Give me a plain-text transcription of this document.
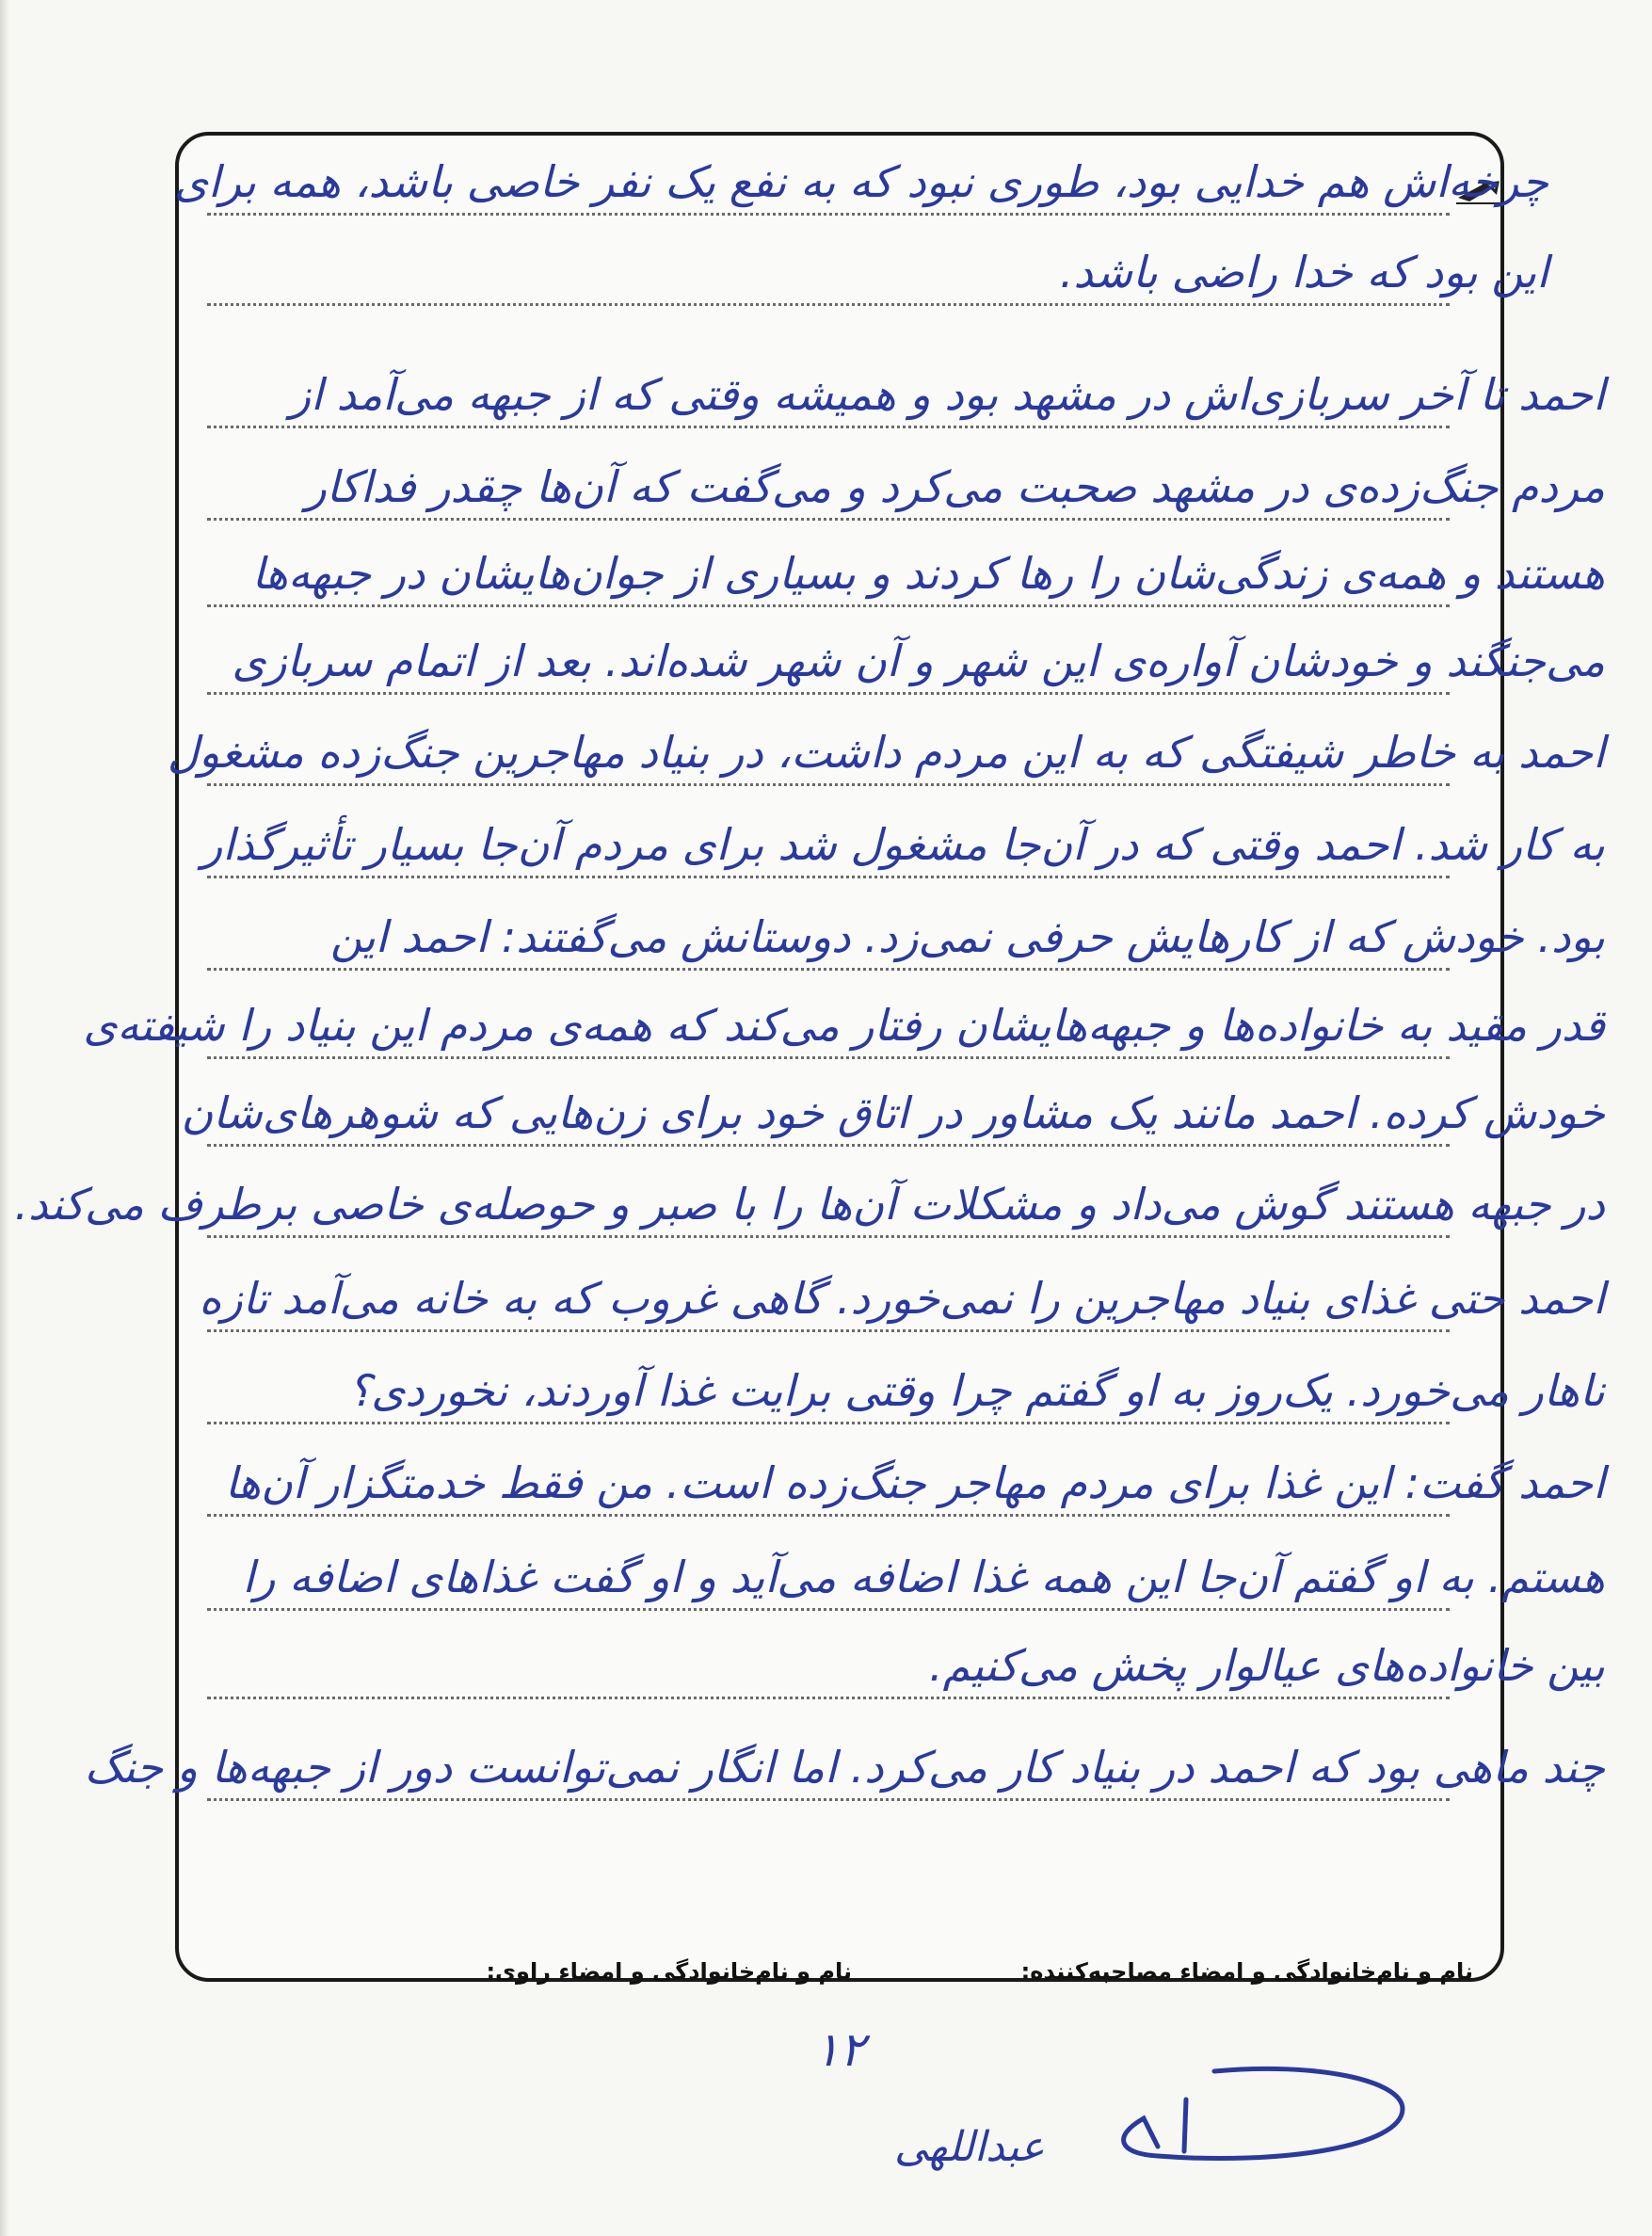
چرخه‌اش هم خدایی بود، طوری نبود که به نفع یک نفر خاصی باشد، همه برای
این بود که خدا راضی باشد.
احمد تا آخر سربازی‌اش در مشهد بود و همیشه وقتی که از جبهه می‌آمد از
مردم جنگ‌زده‌ی در مشهد صحبت می‌کرد و می‌گفت که آن‌ها چقدر فداکار
هستند و همه‌ی زندگی‌شان را رها کردند و بسیاری از جوان‌هایشان در جبهه‌ها
می‌جنگند و خودشان آواره‌ی این شهر و آن شهر شده‌اند. بعد از اتمام سربازی
احمد به خاطر شیفتگی که به این مردم داشت، در بنیاد مهاجرین جنگ‌زده مشغول
به کار شد. احمد وقتی که در آن‌جا مشغول شد برای مردم آن‌جا بسیار تأثیرگذار
بود. خودش که از کارهایش حرفی نمی‌زد. دوستانش می‌گفتند: احمد این
قدر مقید به خانواده‌ها و جبهه‌هایشان رفتار می‌کند که همه‌ی مردم این بنیاد را شیفته‌ی
خودش کرده. احمد مانند یک مشاور در اتاق خود برای زن‌هایی که شوهرهای‌شان
در جبهه هستند گوش می‌داد و مشکلات آن‌ها را با صبر و حوصله‌ی خاصی برطرف می‌کند.
احمد حتی غذای بنیاد مهاجرین را نمی‌خورد. گاهی غروب که به خانه می‌آمد تازه
ناهار می‌خورد. یک‌روز به او گفتم چرا وقتی برایت غذا آوردند، نخوردی؟
احمد گفت: این غذا برای مردم مهاجر جنگ‌زده است. من فقط خدمتگزار آن‌ها
هستم. به او گفتم آن‌جا این همه غذا اضافه می‌آید و او گفت غذاهای اضافه را
بین خانواده‌های عیالوار پخش می‌کنیم.
چند ماهی بود که احمد در بنیاد کار می‌کرد. اما انگار نمی‌توانست دور از جبهه‌ها و جنگ
نام و نام‌خانوادگی و امضاء مصاحبه‌کننده:
نام و نام‌خانوادگی و امضاء راوی:
۱۲
عبداللهی
